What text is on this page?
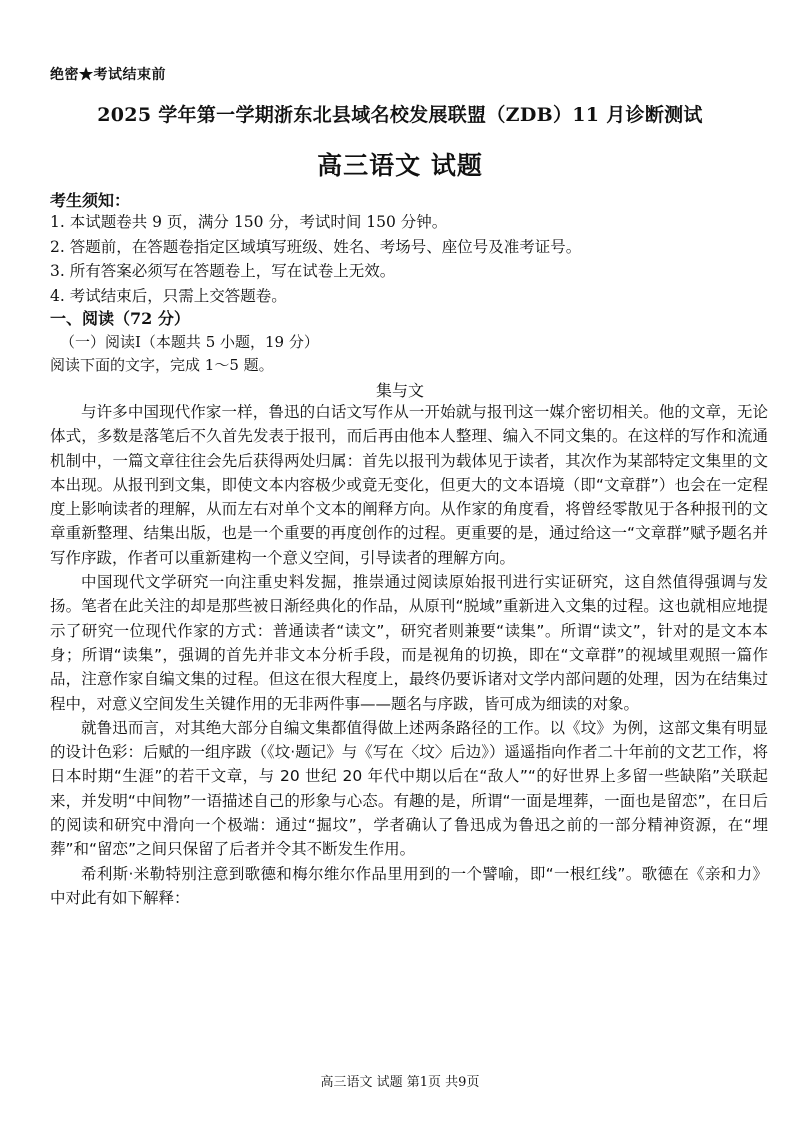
绝密★考试结束前
2025 学年第一学期浙东北县域名校发展联盟（ZDB）11 月诊断测试
高三语文 试题
考生须知：
1. 本试题卷共 9 页，满分 150 分，考试时间 150 分钟。
2. 答题前，在答题卷指定区域填写班级、姓名、考场号、座位号及准考证号。
3. 所有答案必须写在答题卷上，写在试卷上无效。
4. 考试结束后，只需上交答题卷。
一、阅读（72 分）
（一）阅读Ⅰ（本题共 5 小题，19 分）
阅读下面的文字，完成 1～5 题。
集与文

与许多中国现代作家一样，鲁迅的白话文写作从一开始就与报刊这一媒介密切相关。他的文章，无论体式，多数是落笔后不久首先发表于报刊，而后再由他本人整理、编入不同文集的。在这样的写作和流通机制中，一篇文章往往会先后获得两处归属：首先以报刊为载体见于读者，其次作为某部特定文集里的文本出现。从报刊到文集，即使文本内容极少或竟无变化，但更大的文本语境（即“文章群”）也会在一定程度上影响读者的理解，从而左右对单个文本的阐释方向。从作家的角度看，将曾经零散见于各种报刊的文章重新整理、结集出版，也是一个重要的再度创作的过程。更重要的是，通过给这一“文章群”赋予题名并写作序跋，作者可以重新建构一个意义空间，引导读者的理解方向。

中国现代文学研究一向注重史料发掘，推崇通过阅读原始报刊进行实证研究，这自然值得强调与发扬。笔者在此关注的却是那些被日渐经典化的作品，从原刊“脱域”重新进入文集的过程。这也就相应地提示了研究一位现代作家的方式：普通读者“读文”，研究者则兼要“读集”。所谓“读文”，针对的是文本本身；所谓“读集”，强调的首先并非文本分析手段，而是视角的切换，即在“文章群”的视域里观照一篇作品，注意作家自编文集的过程。但这在很大程度上，最终仍要诉诸对文学内部问题的处理，因为在结集过程中，对意义空间发生关键作用的无非两件事——题名与序跋，皆可成为细读的对象。

就鲁迅而言，对其绝大部分自编文集都值得做上述两条路径的工作。以《坟》为例，这部文集有明显的设计色彩：后赋的一组序跋（《坟·题记》与《写在〈坟〉后边》）遥遥指向作者二十年前的文艺工作，将日本时期“生涯”的若干文章，与 20 世纪 20 年代中期以后在“敌人”“的好世界上多留一些缺陷”关联起来，并发明“中间物”一语描述自己的形象与心态。有趣的是，所谓“一面是埋葬，一面也是留恋”，在日后的阅读和研究中滑向一个极端：通过“掘坟”，学者确认了鲁迅成为鲁迅之前的一部分精神资源，在“埋葬”和“留恋”之间只保留了后者并令其不断发生作用。

希利斯·米勒特别注意到歌德和梅尔维尔作品里用到的一个譬喻，即“一根红线”。歌德在《亲和力》中对此有如下解释：

高三语文 试题 第1页 共9页
